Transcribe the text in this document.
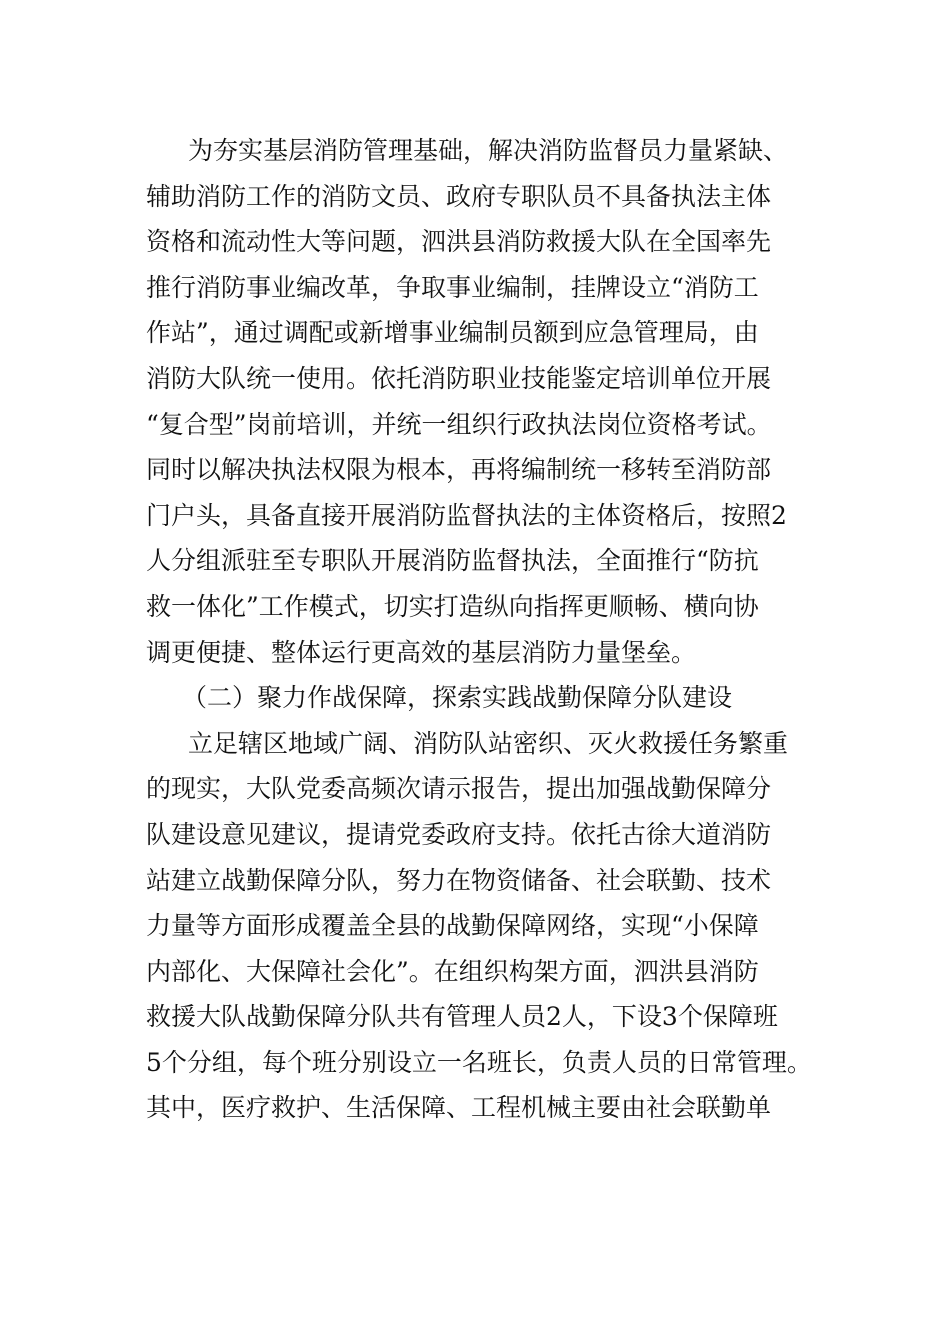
为夯实基层消防管理基础，解决消防监督员力量紧缺、
辅助消防工作的消防文员、政府专职队员不具备执法主体
资格和流动性大等问题，泗洪县消防救援大队在全国率先
推行消防事业编改革，争取事业编制，挂牌设立“消防工
作站”，通过调配或新增事业编制员额到应急管理局，由
消防大队统一使用。依托消防职业技能鉴定培训单位开展
“复合型”岗前培训，并统一组织行政执法岗位资格考试。
同时以解决执法权限为根本，再将编制统一移转至消防部
门户头，具备直接开展消防监督执法的主体资格后，按照2
人分组派驻至专职队开展消防监督执法，全面推行“防抗
救一体化”工作模式，切实打造纵向指挥更顺畅、横向协
调更便捷、整体运行更高效的基层消防力量堡垒。
（二）聚力作战保障，探索实践战勤保障分队建设
立足辖区地域广阔、消防队站密织、灭火救援任务繁重
的现实，大队党委高频次请示报告，提出加强战勤保障分
队建设意见建议，提请党委政府支持。依托古徐大道消防
站建立战勤保障分队，努力在物资储备、社会联勤、技术
力量等方面形成覆盖全县的战勤保障网络，实现“小保障
内部化、大保障社会化”。在组织构架方面，泗洪县消防
救援大队战勤保障分队共有管理人员2人，下设3个保障班
5个分组，每个班分别设立一名班长，负责人员的日常管理。
其中，医疗救护、生活保障、工程机械主要由社会联勤单
